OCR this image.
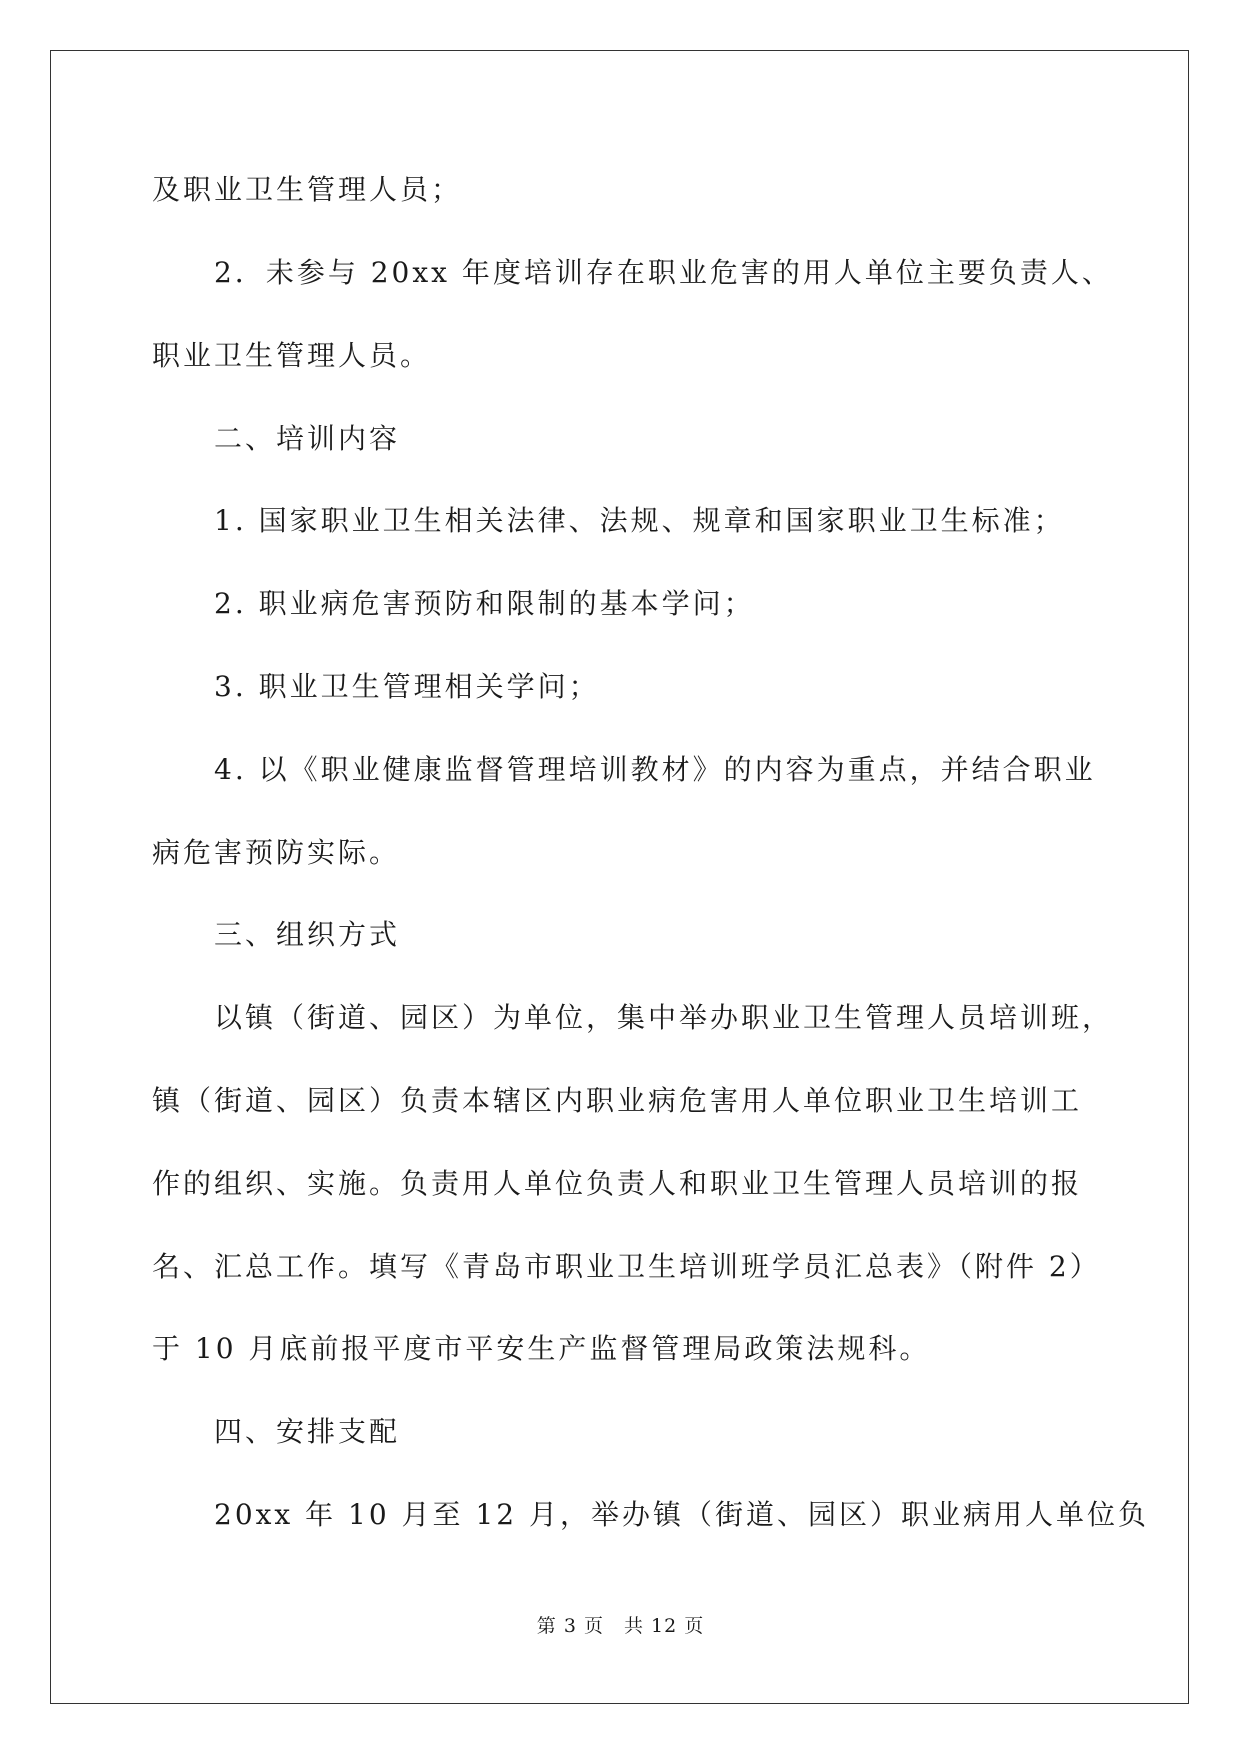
及职业卫生管理人员；
2．未参与 20xx 年度培训存在职业危害的用人单位主要负责人、
职业卫生管理人员。
二、培训内容
1. 国家职业卫生相关法律、法规、规章和国家职业卫生标准；
2. 职业病危害预防和限制的基本学问；
3. 职业卫生管理相关学问；
4. 以《职业健康监督管理培训教材》的内容为重点，并结合职业
病危害预防实际。
三、组织方式
以镇（街道、园区）为单位，集中举办职业卫生管理人员培训班，
镇（街道、园区）负责本辖区内职业病危害用人单位职业卫生培训工
作的组织、实施。负责用人单位负责人和职业卫生管理人员培训的报
名、汇总工作。填写《青岛市职业卫生培训班学员汇总表》（附件 2）
于 10 月底前报平度市平安生产监督管理局政策法规科。
四、安排支配
20xx 年 10 月至 12 月，举办镇（街道、园区）职业病用人单位负
第 3 页　共 12 页
